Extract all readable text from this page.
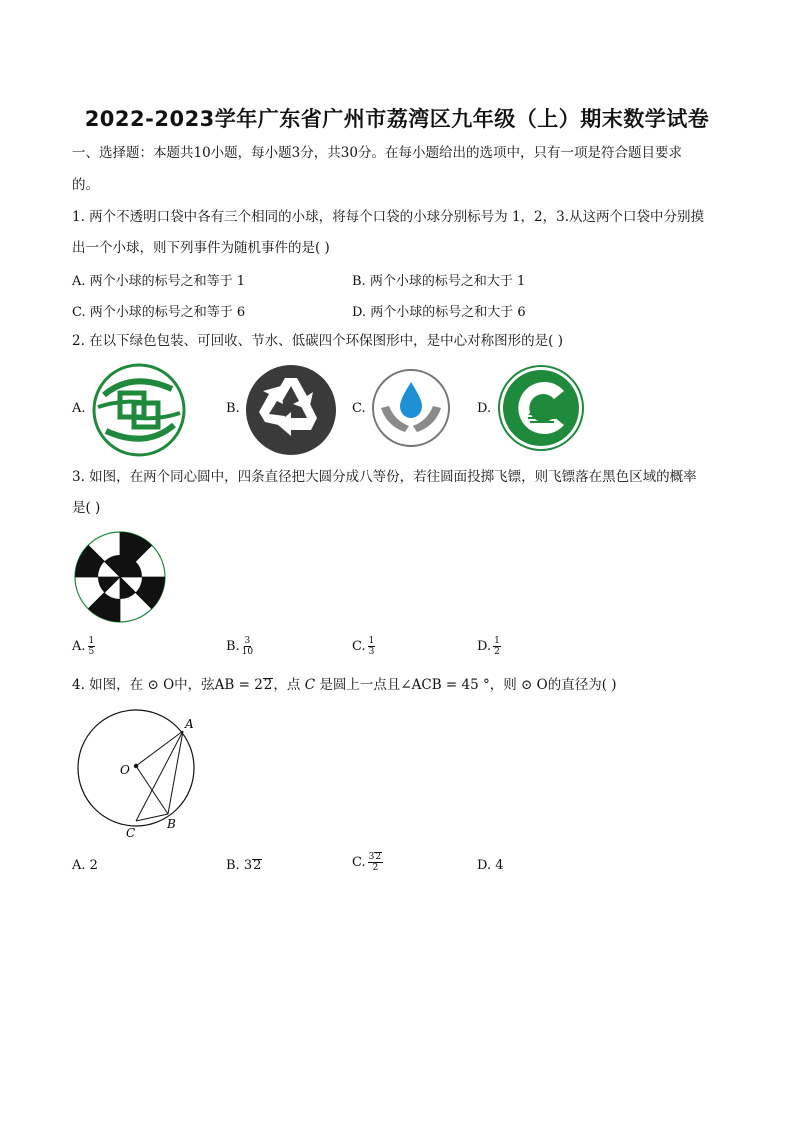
2022-2023学年广东省广州市荔湾区九年级（上）期末数学试卷
一、选择题：本题共10小题，每小题3分，共30分。在每小题给出的选项中，只有一项是符合题目要求
的。
1. 两个不透明口袋中各有三个相同的小球，将每个口袋的小球分别标号为 1，2，3.从这两个口袋中分别摸
出一个小球，则下列事件为随机事件的是( )
A. 两个小球的标号之和等于 1	B. 两个小球的标号之和大于 1
C. 两个小球的标号之和等于 6	D. 两个小球的标号之和大于 6
2. 在以下绿色包装、可回收、节水、低碳四个环保图形中，是中心对称图形的是( )
A.	B.	C.	D.
3. 如图，在两个同心圆中，四条直径把大圆分成八等份，若往圆面投掷飞镖，则飞镖落在黑色区域的概率
是( )
A. $\frac{1}{5}$	B. $\frac{3}{10}$	C. $\frac{1}{3}$	D. $\frac{1}{2}$
4. 如图，在 ⊙ O中，弦AB = 22，点 C 是圆上一点且∠ACB = 45 °，则 ⊙ O的直径为( )
A
O
B
C
A. 2	B. 32	C. $\frac{32}{2}$	D. 4
